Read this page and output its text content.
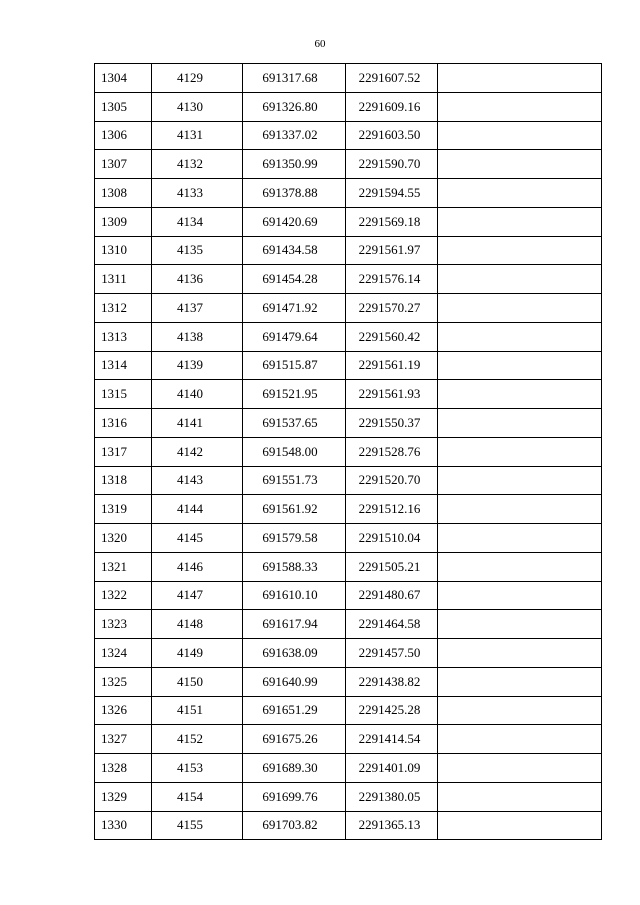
60
1304	4129	691317.68	2291607.52	
1305	4130	691326.80	2291609.16	
1306	4131	691337.02	2291603.50	
1307	4132	691350.99	2291590.70	
1308	4133	691378.88	2291594.55	
1309	4134	691420.69	2291569.18	
1310	4135	691434.58	2291561.97	
1311	4136	691454.28	2291576.14	
1312	4137	691471.92	2291570.27	
1313	4138	691479.64	2291560.42	
1314	4139	691515.87	2291561.19	
1315	4140	691521.95	2291561.93	
1316	4141	691537.65	2291550.37	
1317	4142	691548.00	2291528.76	
1318	4143	691551.73	2291520.70	
1319	4144	691561.92	2291512.16	
1320	4145	691579.58	2291510.04	
1321	4146	691588.33	2291505.21	
1322	4147	691610.10	2291480.67	
1323	4148	691617.94	2291464.58	
1324	4149	691638.09	2291457.50	
1325	4150	691640.99	2291438.82	
1326	4151	691651.29	2291425.28	
1327	4152	691675.26	2291414.54	
1328	4153	691689.30	2291401.09	
1329	4154	691699.76	2291380.05	
1330	4155	691703.82	2291365.13	
